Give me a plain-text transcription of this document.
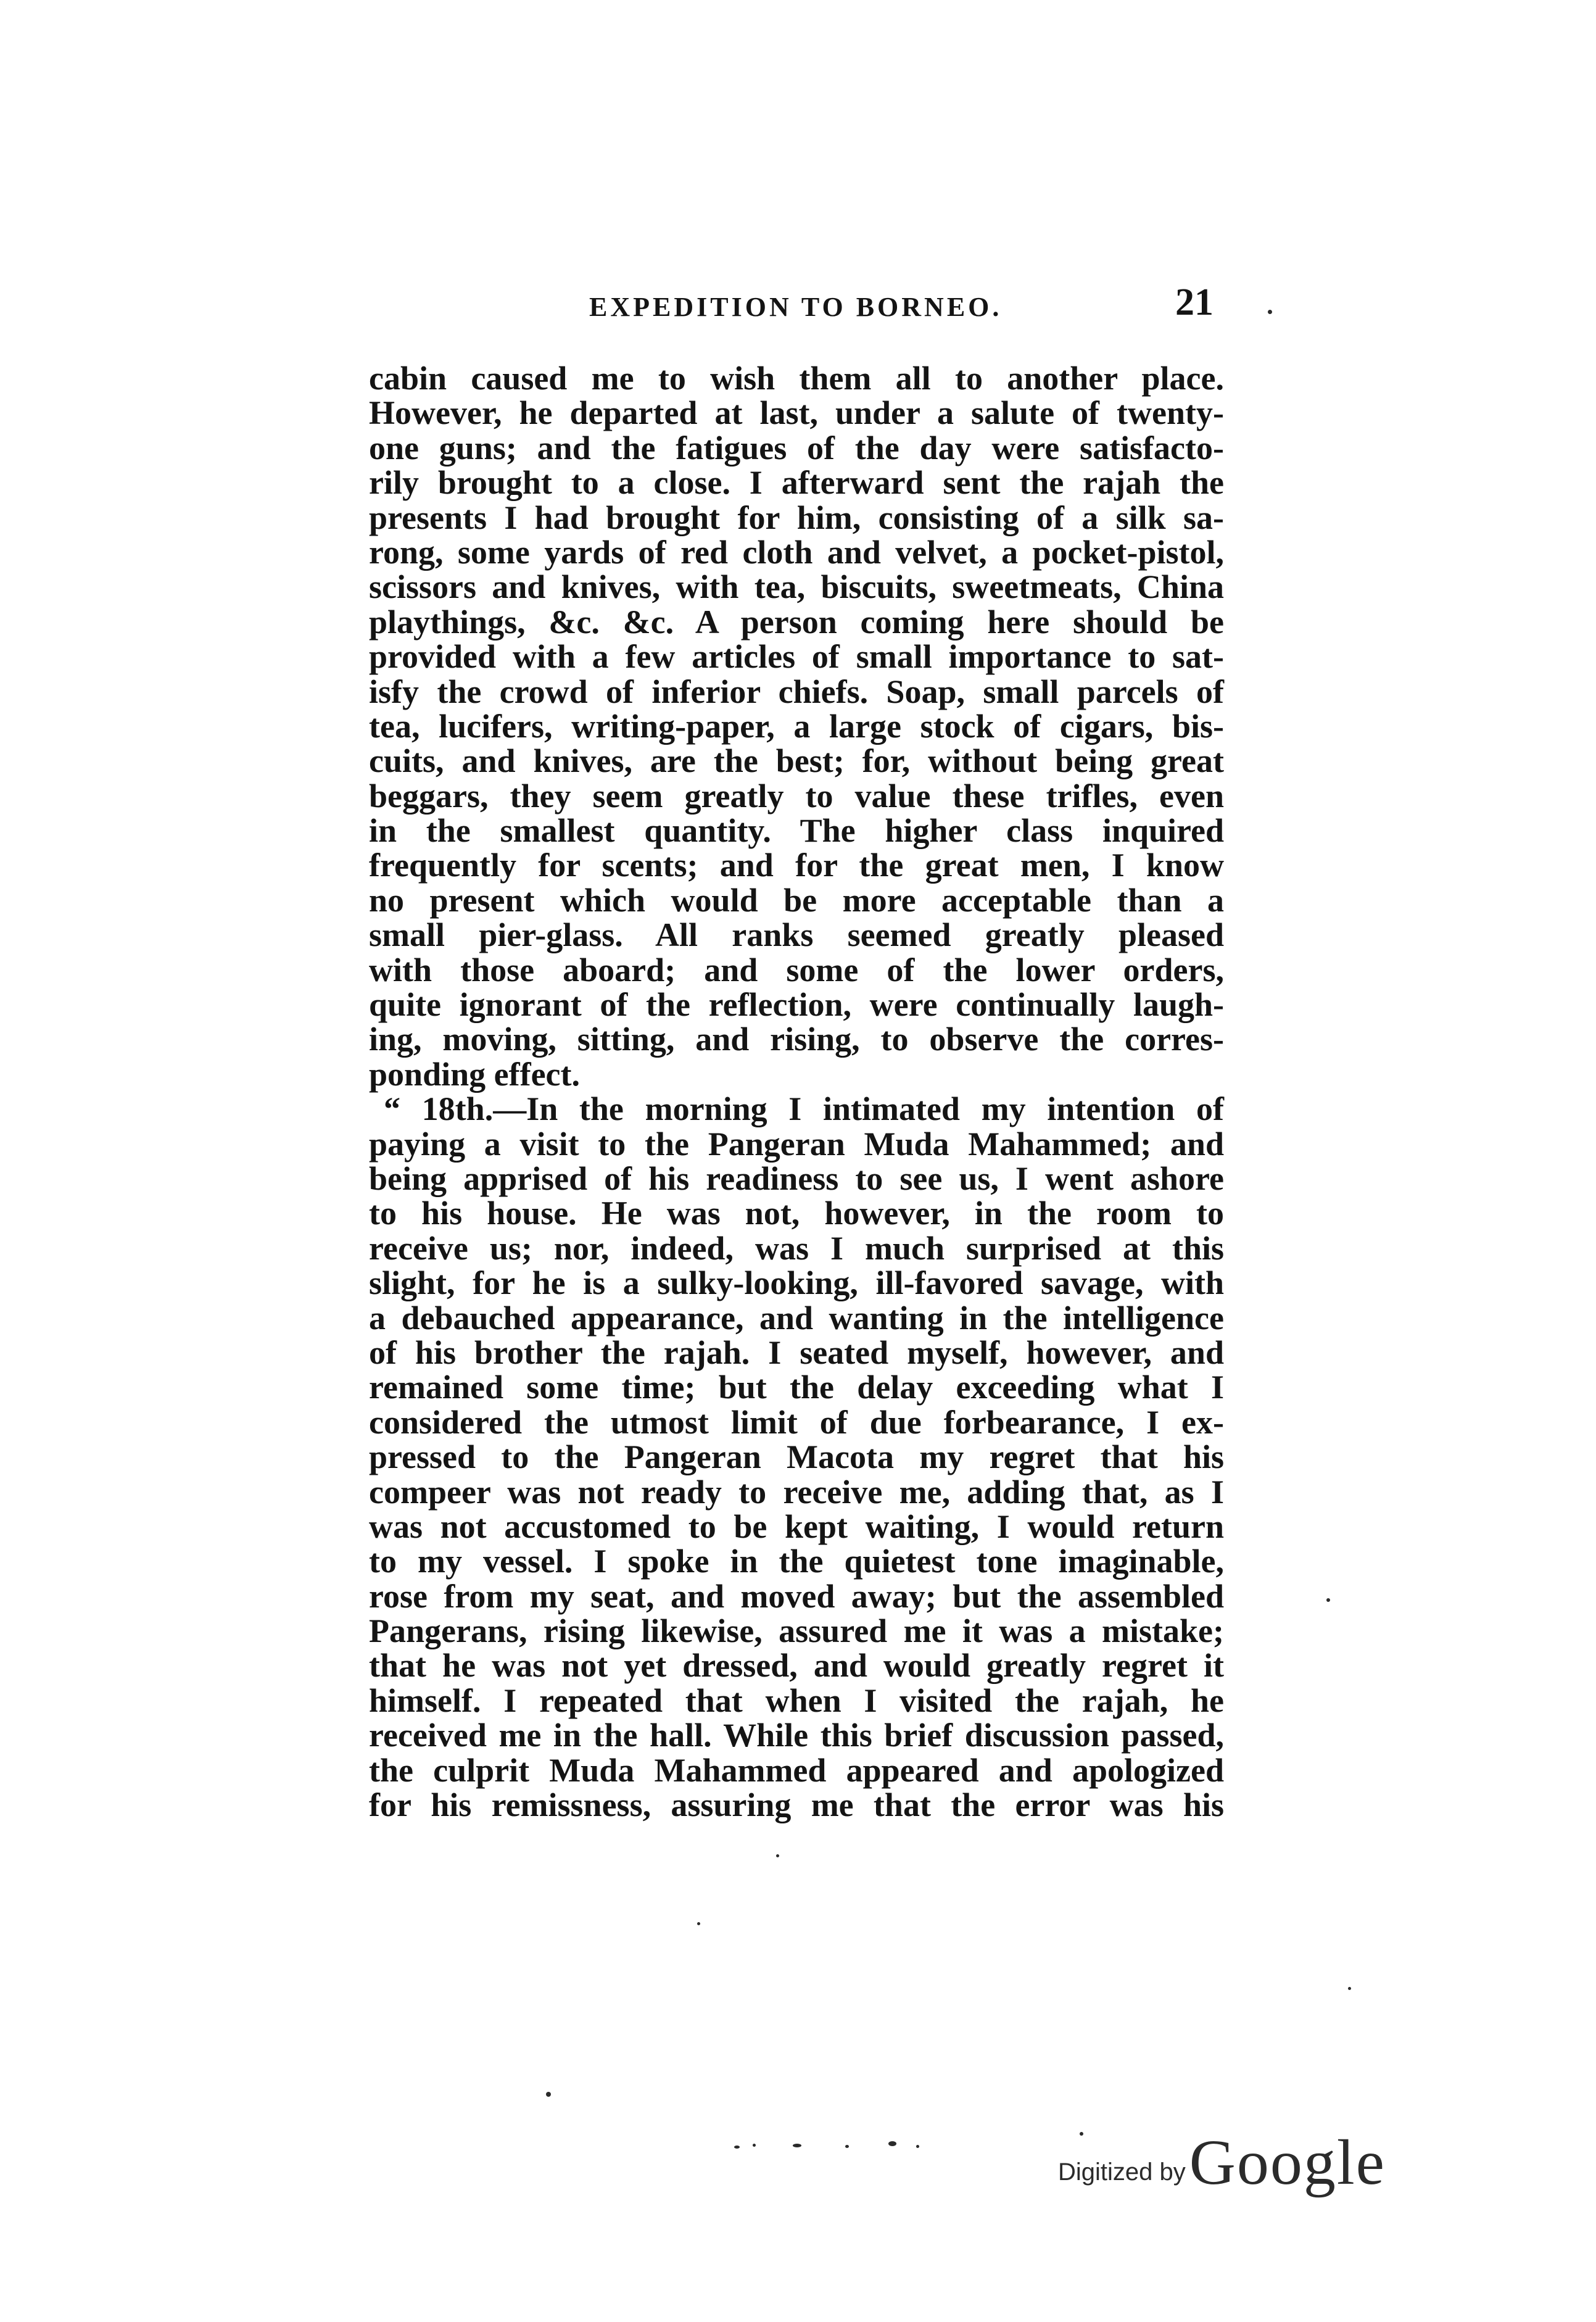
EXPEDITION TO BORNEO.	21
cabin caused me to wish them all to another place.
However, he departed at last, under a salute of twenty-
one guns; and the fatigues of the day were satisfacto-
rily brought to a close. I afterward sent the rajah the
presents I had brought for him, consisting of a silk sa-
rong, some yards of red cloth and velvet, a pocket-pistol,
scissors and knives, with tea, biscuits, sweetmeats, China
playthings, &c. &c. A person coming here should be
provided with a few articles of small importance to sat-
isfy the crowd of inferior chiefs. Soap, small parcels of
tea, lucifers, writing-paper, a large stock of cigars, bis-
cuits, and knives, are the best; for, without being great
beggars, they seem greatly to value these trifles, even
in the smallest quantity. The higher class inquired
frequently for scents; and for the great men, I know
no present which would be more acceptable than a
small pier-glass. All ranks seemed greatly pleased
with those aboard; and some of the lower orders,
quite ignorant of the reflection, were continually laugh-
ing, moving, sitting, and rising, to observe the corres-
ponding effect.
“ 18th.—In the morning I intimated my intention of
paying a visit to the Pangeran Muda Mahammed; and
being apprised of his readiness to see us, I went ashore
to his house. He was not, however, in the room to
receive us; nor, indeed, was I much surprised at this
slight, for he is a sulky-looking, ill-favored savage, with
a debauched appearance, and wanting in the intelligence
of his brother the rajah. I seated myself, however, and
remained some time; but the delay exceeding what I
considered the utmost limit of due forbearance, I ex-
pressed to the Pangeran Macota my regret that his
compeer was not ready to receive me, adding that, as I
was not accustomed to be kept waiting, I would return
to my vessel. I spoke in the quietest tone imaginable,
rose from my seat, and moved away; but the assembled
Pangerans, rising likewise, assured me it was a mistake;
that he was not yet dressed, and would greatly regret it
himself. I repeated that when I visited the rajah, he
received me in the hall. While this brief discussion passed,
the culprit Muda Mahammed appeared and apologized
for his remissness, assuring me that the error was his
Digitized byGoogle
